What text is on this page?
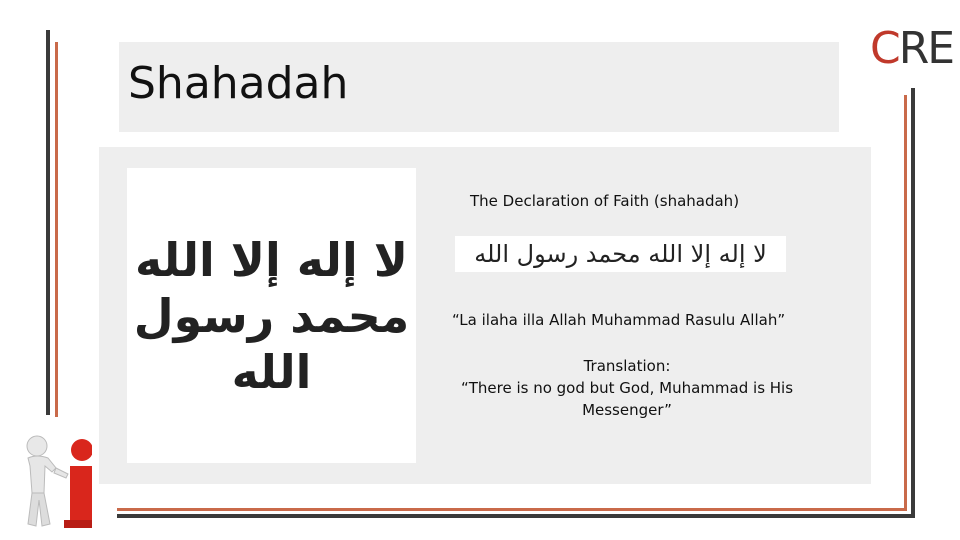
Shahadah
CRE
لا إله إلا الله محمد رسول الله
The Declaration of Faith (shahadah)
لا إله إلا الله محمد رسول الله
“La ilaha illa Allah Muhammad Rasulu Allah”
Translation:
“There is no god but God, Muhammad is His
Messenger”
